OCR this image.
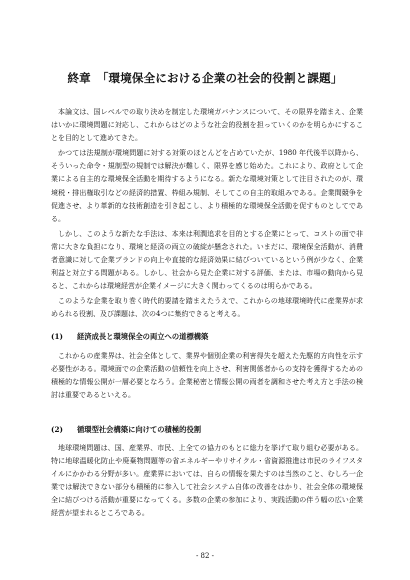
終章　「環境保全における企業の社会的役割と課題」

本論文は、国レベルでの取り決めを制定した環境ガバナンスについて、その限界を踏まえ、企業はいかに環境問題に対応し、これからはどのような社会的役割を担っていくのかを明らかにすることを目的として進めてきた。

かつては法規制が環境問題に対する対策のほとんどを占めていたが、1980 年代後半以降から、そういった命令・規制型の規制では解決が難しく、限界を感じ始めた。これにより、政府として企業による自主的な環境保全活動を期待するようになる。新たな環境対策として注目されたのが、環境税・排出権取引などの経済的措置、枠組み規制、そしてこの自主的取組みである。企業間競争を促進させ、より革新的な技術創造を引き起こし、より積極的な環境保全活動を促すものとしてである。

しかし、このような新たな手法は、本来は利潤追求を目的とする企業にとって、コストの面で非常に大きな負担になり、環境と経済の両立の破綻が懸念された。いまだに、環境保全活動が、消費者意識に対して企業ブランドの向上や直接的な経済効果に結びついているという例が少なく、企業利益と対立する問題がある。しかし、社会から見た企業に対する評価、または、市場の動向から見ると、これからは環境経営が企業イメージに大きく関わってくるのは明らかである。

このような企業を取り巻く時代的要請を踏まえたうえで、これからの地球環境時代に産業界が求められる役割、及び課題は、次の4つに集約できると考える。

(1) 経済成長と環境保全の両立への道標構築

これからの産業界は、社会全体として、業界や個別企業の利害得失を超えた先駆的方向性を示す必要性がある。環境面での企業活動の信頼性を向上させ、利害関係者からの支持を獲得するための積極的な情報公開が一層必要となろう。企業秘密と情報公開の両者を調和させた考え方と手法の検討は重要であるといえる。

(2) 循環型社会構築に向けての積極的役割

地球環境問題は、国、産業界、市民、上全ての協力のもとに総力を挙げて取り組む必要がある。特に地球温暖化防止や廃棄物問題等の省エネルギーやリサイクル・省資源推進は市民のライフスタイルにかかわる分野が多い。産業界においては、自らの情報を果たすのは当然のこと、むしろ一企業では解決できない部分も積極的に参入して社会システム自体の改善をはかり、社会全体の環境保全に結びつける活動が重要になってくる。多数の企業の参加により、実践活動の伴う幅の広い企業経営が望まれるところである。

- 82 -
